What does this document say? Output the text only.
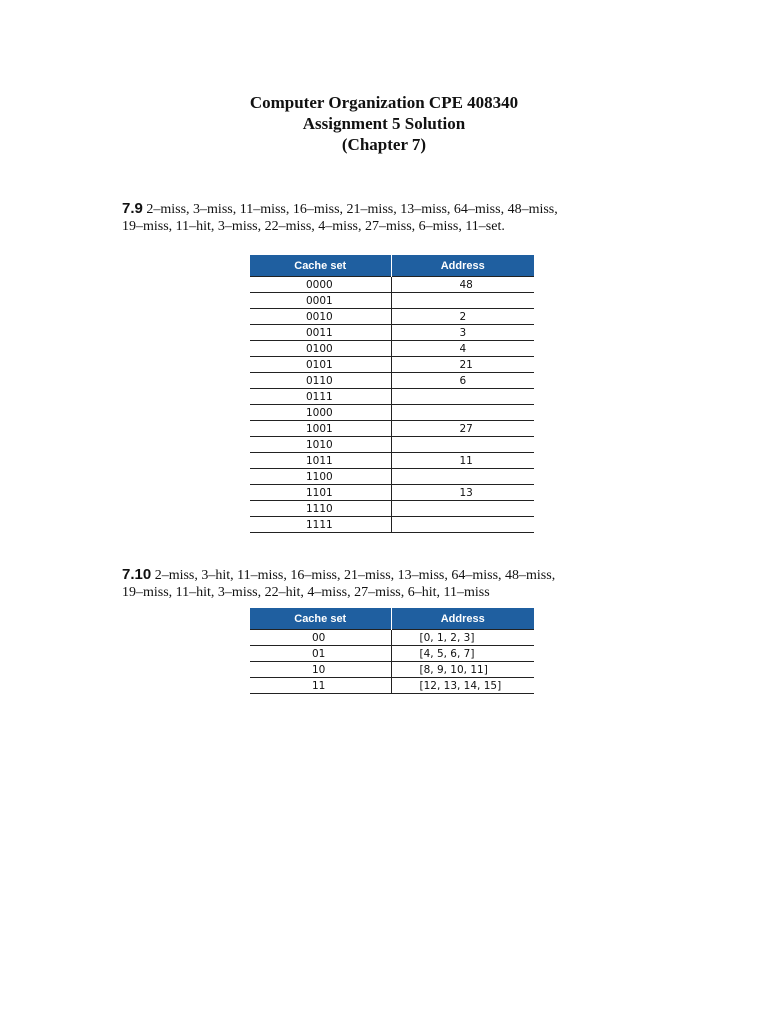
Computer Organization CPE 408340
Assignment 5 Solution
(Chapter 7)
7.9 2–miss, 3–miss, 11–miss, 16–miss, 21–miss, 13–miss, 64–miss, 48–miss,
19–miss, 11–hit, 3–miss, 22–miss, 4–miss, 27–miss, 6–miss, 11–set.
Cache set	Address
0000	48
0001	
0010	2
0011	3
0100	4
0101	21
0110	6
0111	
1000	
1001	27
1010	
1011	11
1100	
1101	13
1110	
1111	
7.10 2–miss, 3–hit, 11–miss, 16–miss, 21–miss, 13–miss, 64–miss, 48–miss,
19–miss, 11–hit, 3–miss, 22–hit, 4–miss, 27–miss, 6–hit, 11–miss
Cache set	Address
00	[0, 1, 2, 3]
01	[4, 5, 6, 7]
10	[8, 9, 10, 11]
11	[12, 13, 14, 15]
